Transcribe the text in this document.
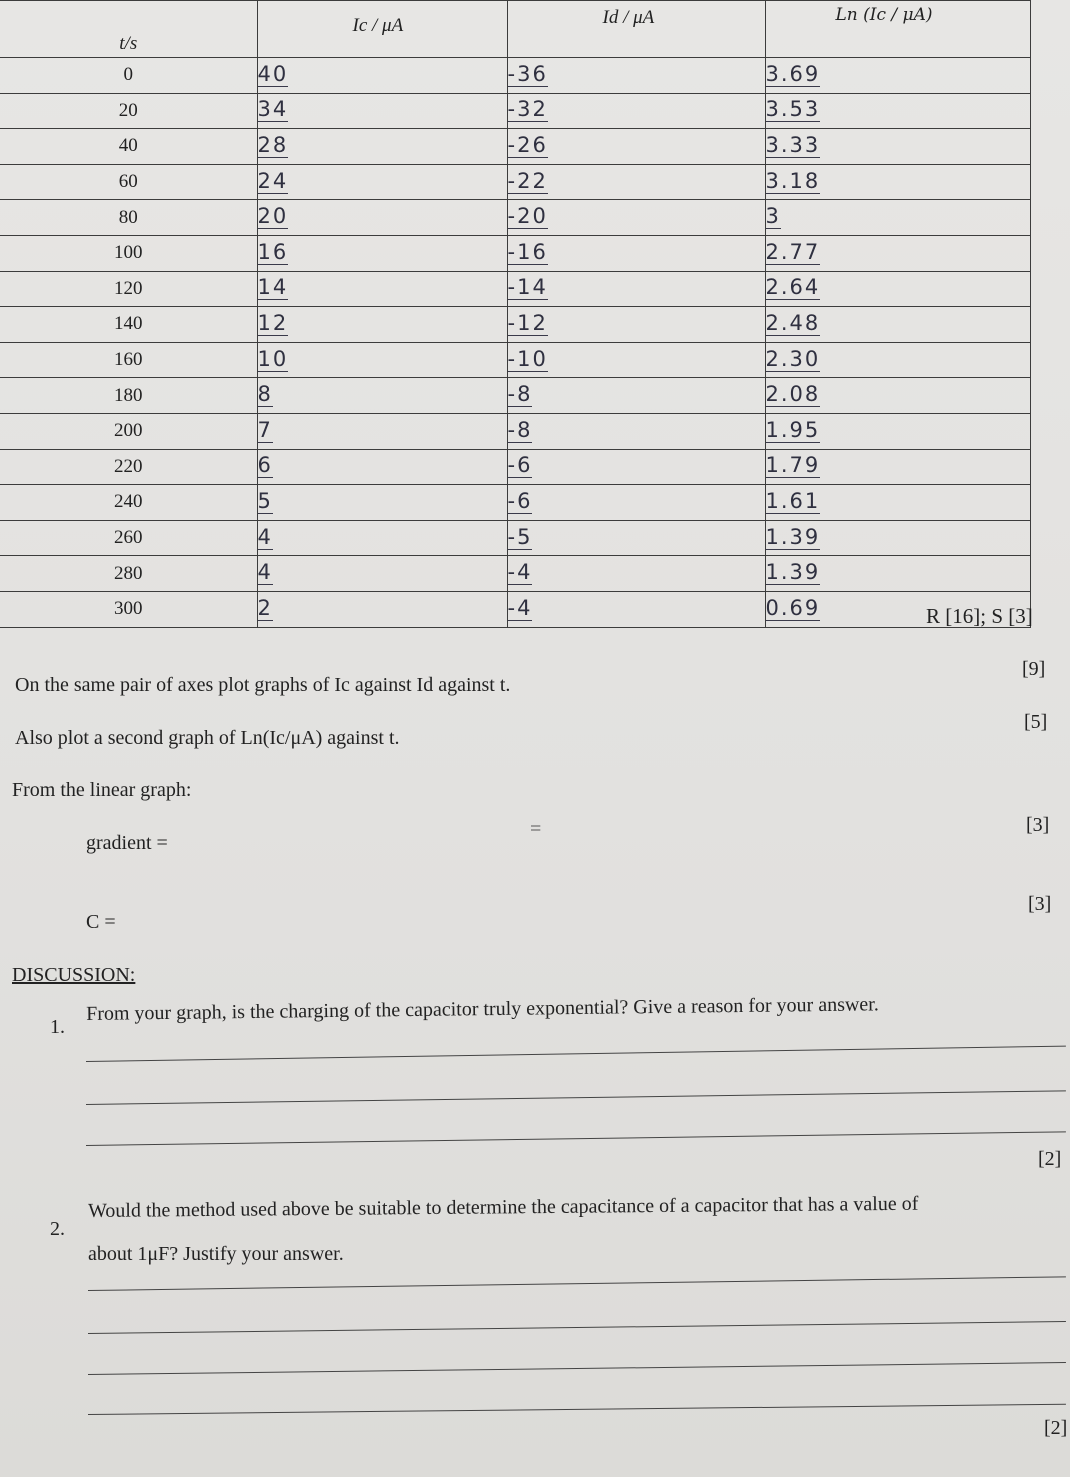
t/s	Ic / μA	Id / μA	Ln (Ic / μA)
0	40	-36	3.69
20	34	-32	3.53
40	28	-26	3.33
60	24	-22	3.18
80	20	-20	3
100	16	-16	2.77
120	14	-14	2.64
140	12	-12	2.48
160	10	-10	2.30
180	8	-8	2.08
200	7	-8	1.95
220	6	-6	1.79
240	5	-6	1.61
260	4	-5	1.39
280	4	-4	1.39
300	2	-4	0.69	R [16]; S [3]
On the same pair of axes plot graphs of Ic against Id against t.
[9]
Also plot a second graph of Ln(Ic/μA) against t.
[5]
From the linear graph:
gradient =
=	[3]
C =
[3]
DISCUSSION:
1.
From your graph, is the charging of the capacitor truly exponential? Give a reason for your answer.
[2]
2.
Would the method used above be suitable to determine the capacitance of a capacitor that has a value of
about 1μF? Justify your answer.
[2]
